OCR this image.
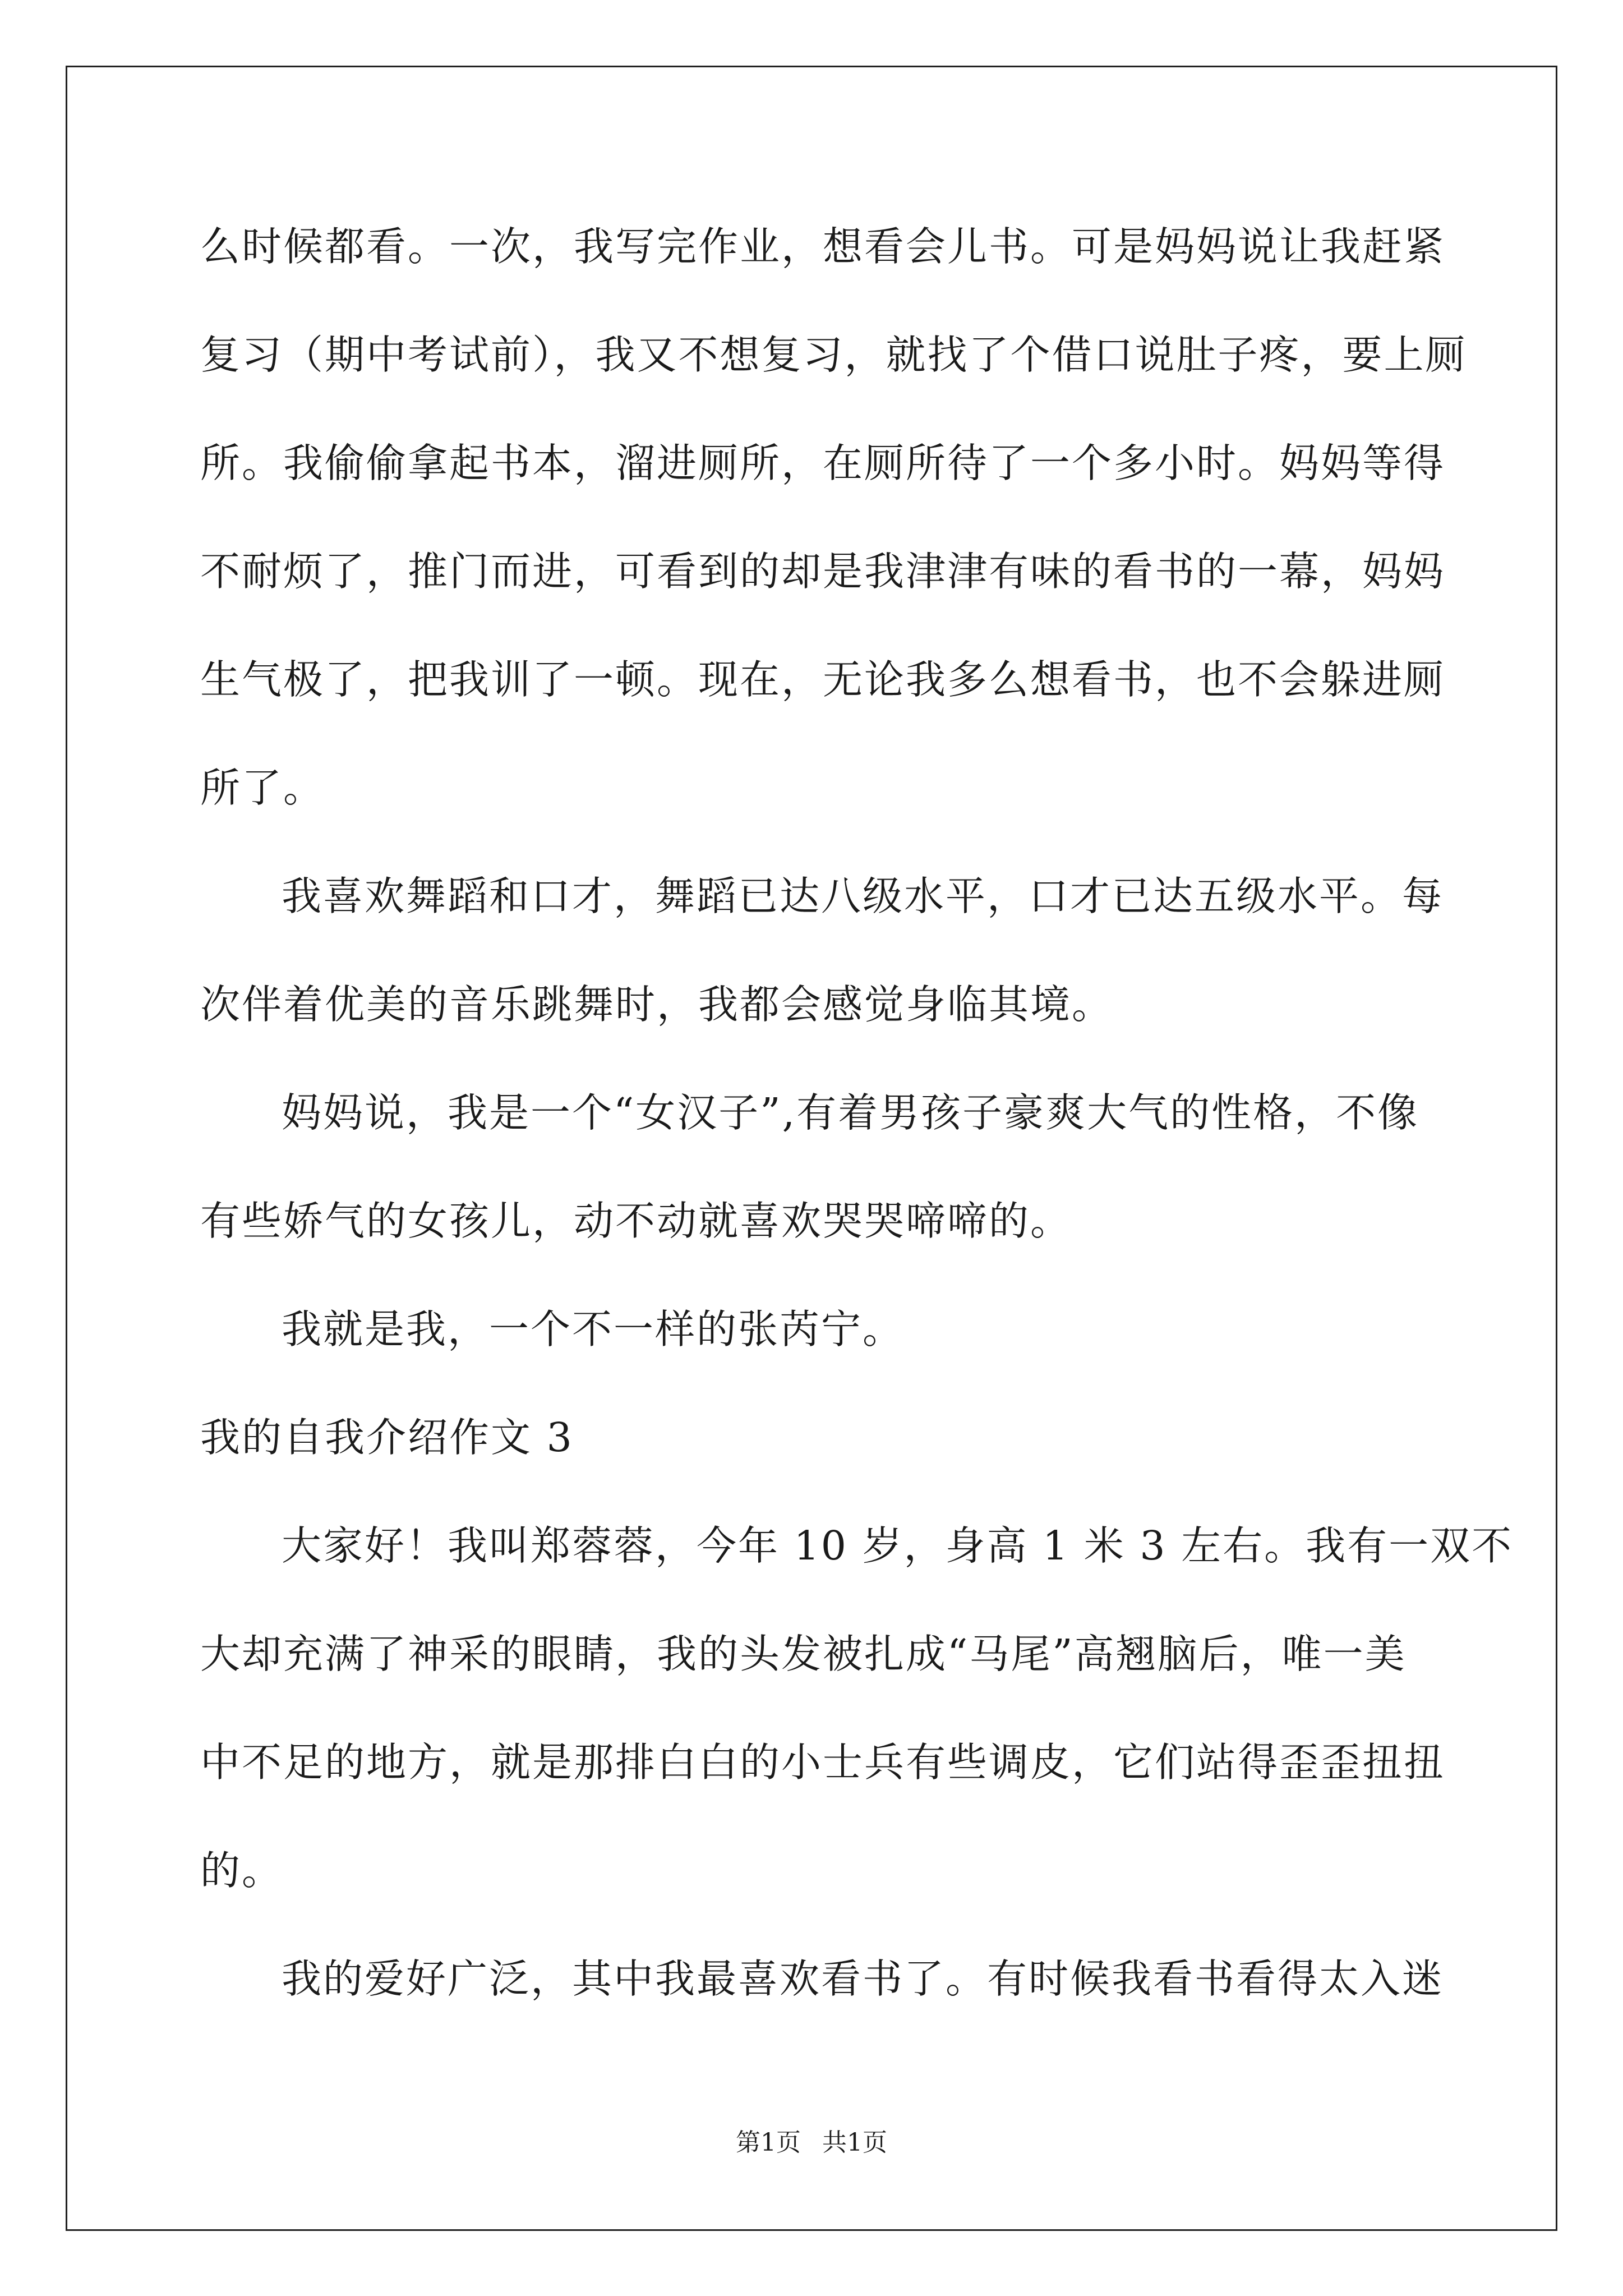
么时候都看。一次，我写完作业，想看会儿书。可是妈妈说让我赶紧
复习（期中考试前），我又不想复习，就找了个借口说肚子疼，要上厕
所。我偷偷拿起书本，溜进厕所，在厕所待了一个多小时。妈妈等得
不耐烦了，推门而进，可看到的却是我津津有味的看书的一幕，妈妈
生气极了，把我训了一顿。现在，无论我多么想看书，也不会躲进厕
所了。
我喜欢舞蹈和口才，舞蹈已达八级水平，口才已达五级水平。每
次伴着优美的音乐跳舞时，我都会感觉身临其境。
妈妈说，我是一个“女汉子”,有着男孩子豪爽大气的性格，不像
有些娇气的女孩儿，动不动就喜欢哭哭啼啼的。
我就是我，一个不一样的张芮宁。
我的自我介绍作文 3
大家好！我叫郑蓉蓉，今年 10 岁，身高 1 米 3 左右。我有一双不
大却充满了神采的眼睛，我的头发被扎成“马尾”高翘脑后，唯一美
中不足的地方，就是那排白白的小士兵有些调皮，它们站得歪歪扭扭
的。
我的爱好广泛，其中我最喜欢看书了。有时候我看书看得太入迷
第1页 共1页
